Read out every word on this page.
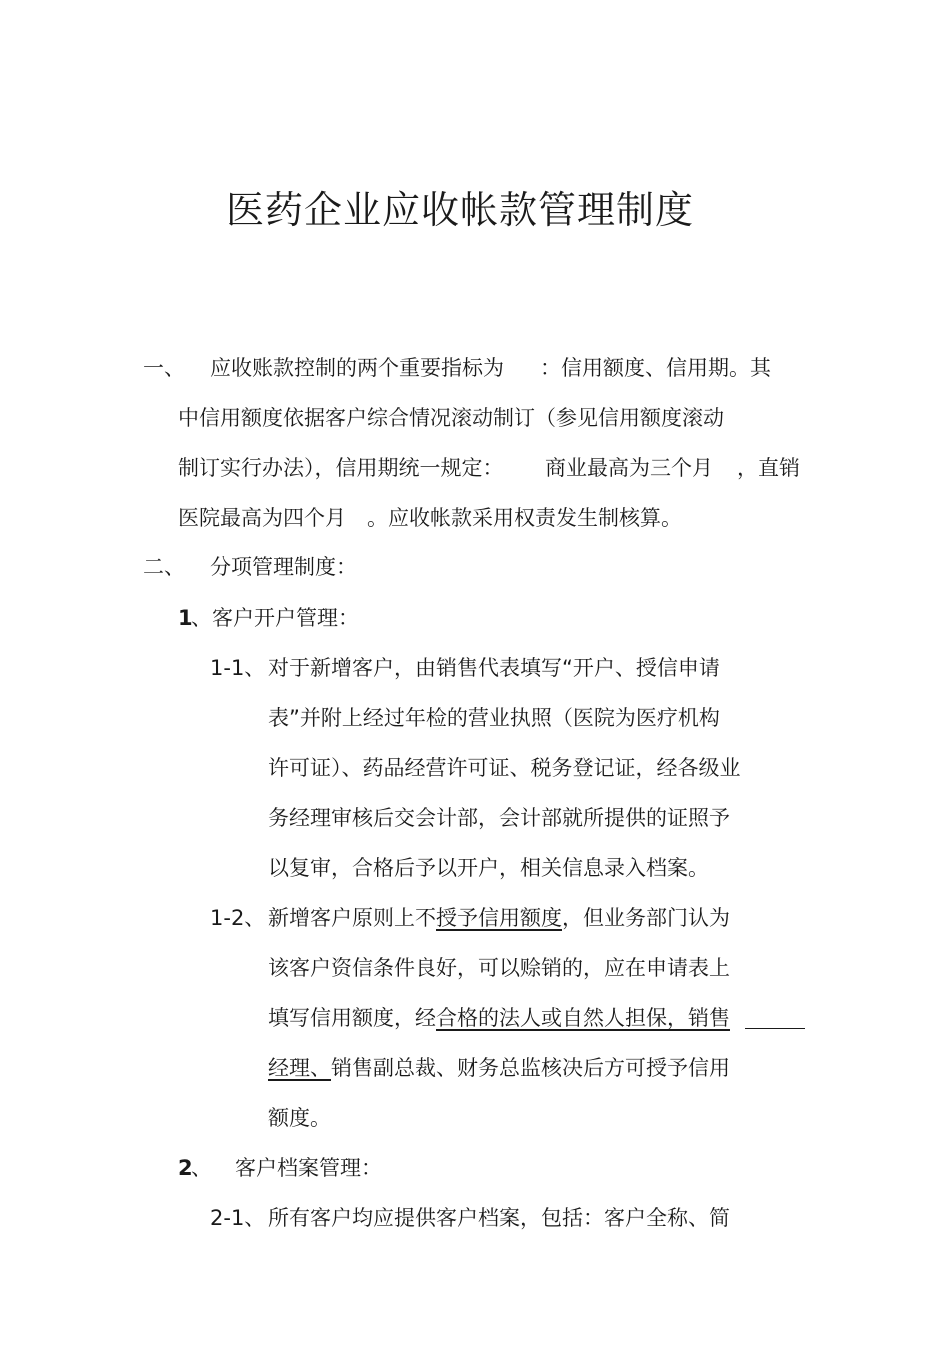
医药企业应收帐款管理制度
一、 应收账款控制的两个重要指标为 ：信用额度、信用期。其
中信用额度依据客户综合情况滚动制订（参见信用额度滚动
制订实行办法），信用期统一规定： 商业最高为三个月 ，直销
医院最高为四个月 。应收帐款采用权责发生制核算。
二、 分项管理制度：
1
、客户开户管理：
1-1、 对于新增客户，由销售代表填写“开户、授信申请
表”并附上经过年检的营业执照（医院为医疗机构
许可证）、药品经营许可证、税务登记证，经各级业
务经理审核后交会计部，会计部就所提供的证照予
以复审，合格后予以开户，相关信息录入档案。
1-2、 新增客户原则上不授予信用额度，但业务部门认为
该客户资信条件良好，可以赊销的，应在申请表上
填写信用额度，经合格的法人或自然人担保，销售
经理、销售副总裁、财务总监核决后方可授予信用
额度。
2
、 客户档案管理：
2-1、 所有客户均应提供客户档案，包括：客户全称、简
